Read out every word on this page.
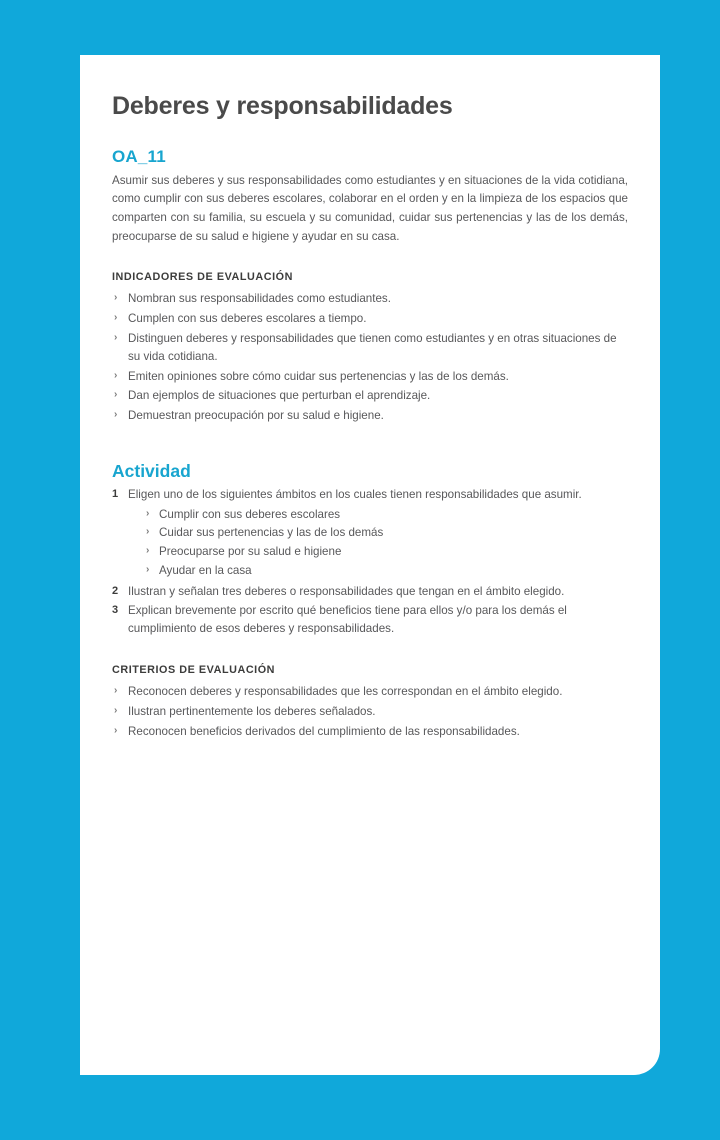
Deberes y responsabilidades
OA_11

Asumir sus deberes y sus responsabilidades como estudiantes y en situaciones de la vida cotidiana, como cumplir con sus deberes escolares, colaborar en el orden y en la limpieza de los espacios que comparten con su familia, su escuela y su comunidad, cuidar sus pertenencias y las de los demás, preocuparse de su salud e higiene y ayudar en su casa.

INDICADORES DE EVALUACIÓN
› Nombran sus responsabilidades como estudiantes.
› Cumplen con sus deberes escolares a tiempo.
› Distinguen deberes y responsabilidades que tienen como estudiantes y en otras situaciones de su vida cotidiana.
› Emiten opiniones sobre cómo cuidar sus pertenencias y las de los demás.
› Dan ejemplos de situaciones que perturban el aprendizaje.
› Demuestran preocupación por su salud e higiene.
Actividad
1 Eligen uno de los siguientes ámbitos en los cuales tienen responsabilidades que asumir.
› Cumplir con sus deberes escolares
› Cuidar sus pertenencias y las de los demás
› Preocuparse por su salud e higiene
› Ayudar en la casa
2 Ilustran y señalan tres deberes o responsabilidades que tengan en el ámbito elegido.
3 Explican brevemente por escrito qué beneficios tiene para ellos y/o para los demás el cumplimiento de esos deberes y responsabilidades.
CRITERIOS DE EVALUACIÓN
› Reconocen deberes y responsabilidades que les correspondan en el ámbito elegido.
› Ilustran pertinentemente los deberes señalados.
› Reconocen beneficios derivados del cumplimiento de las responsabilidades.
